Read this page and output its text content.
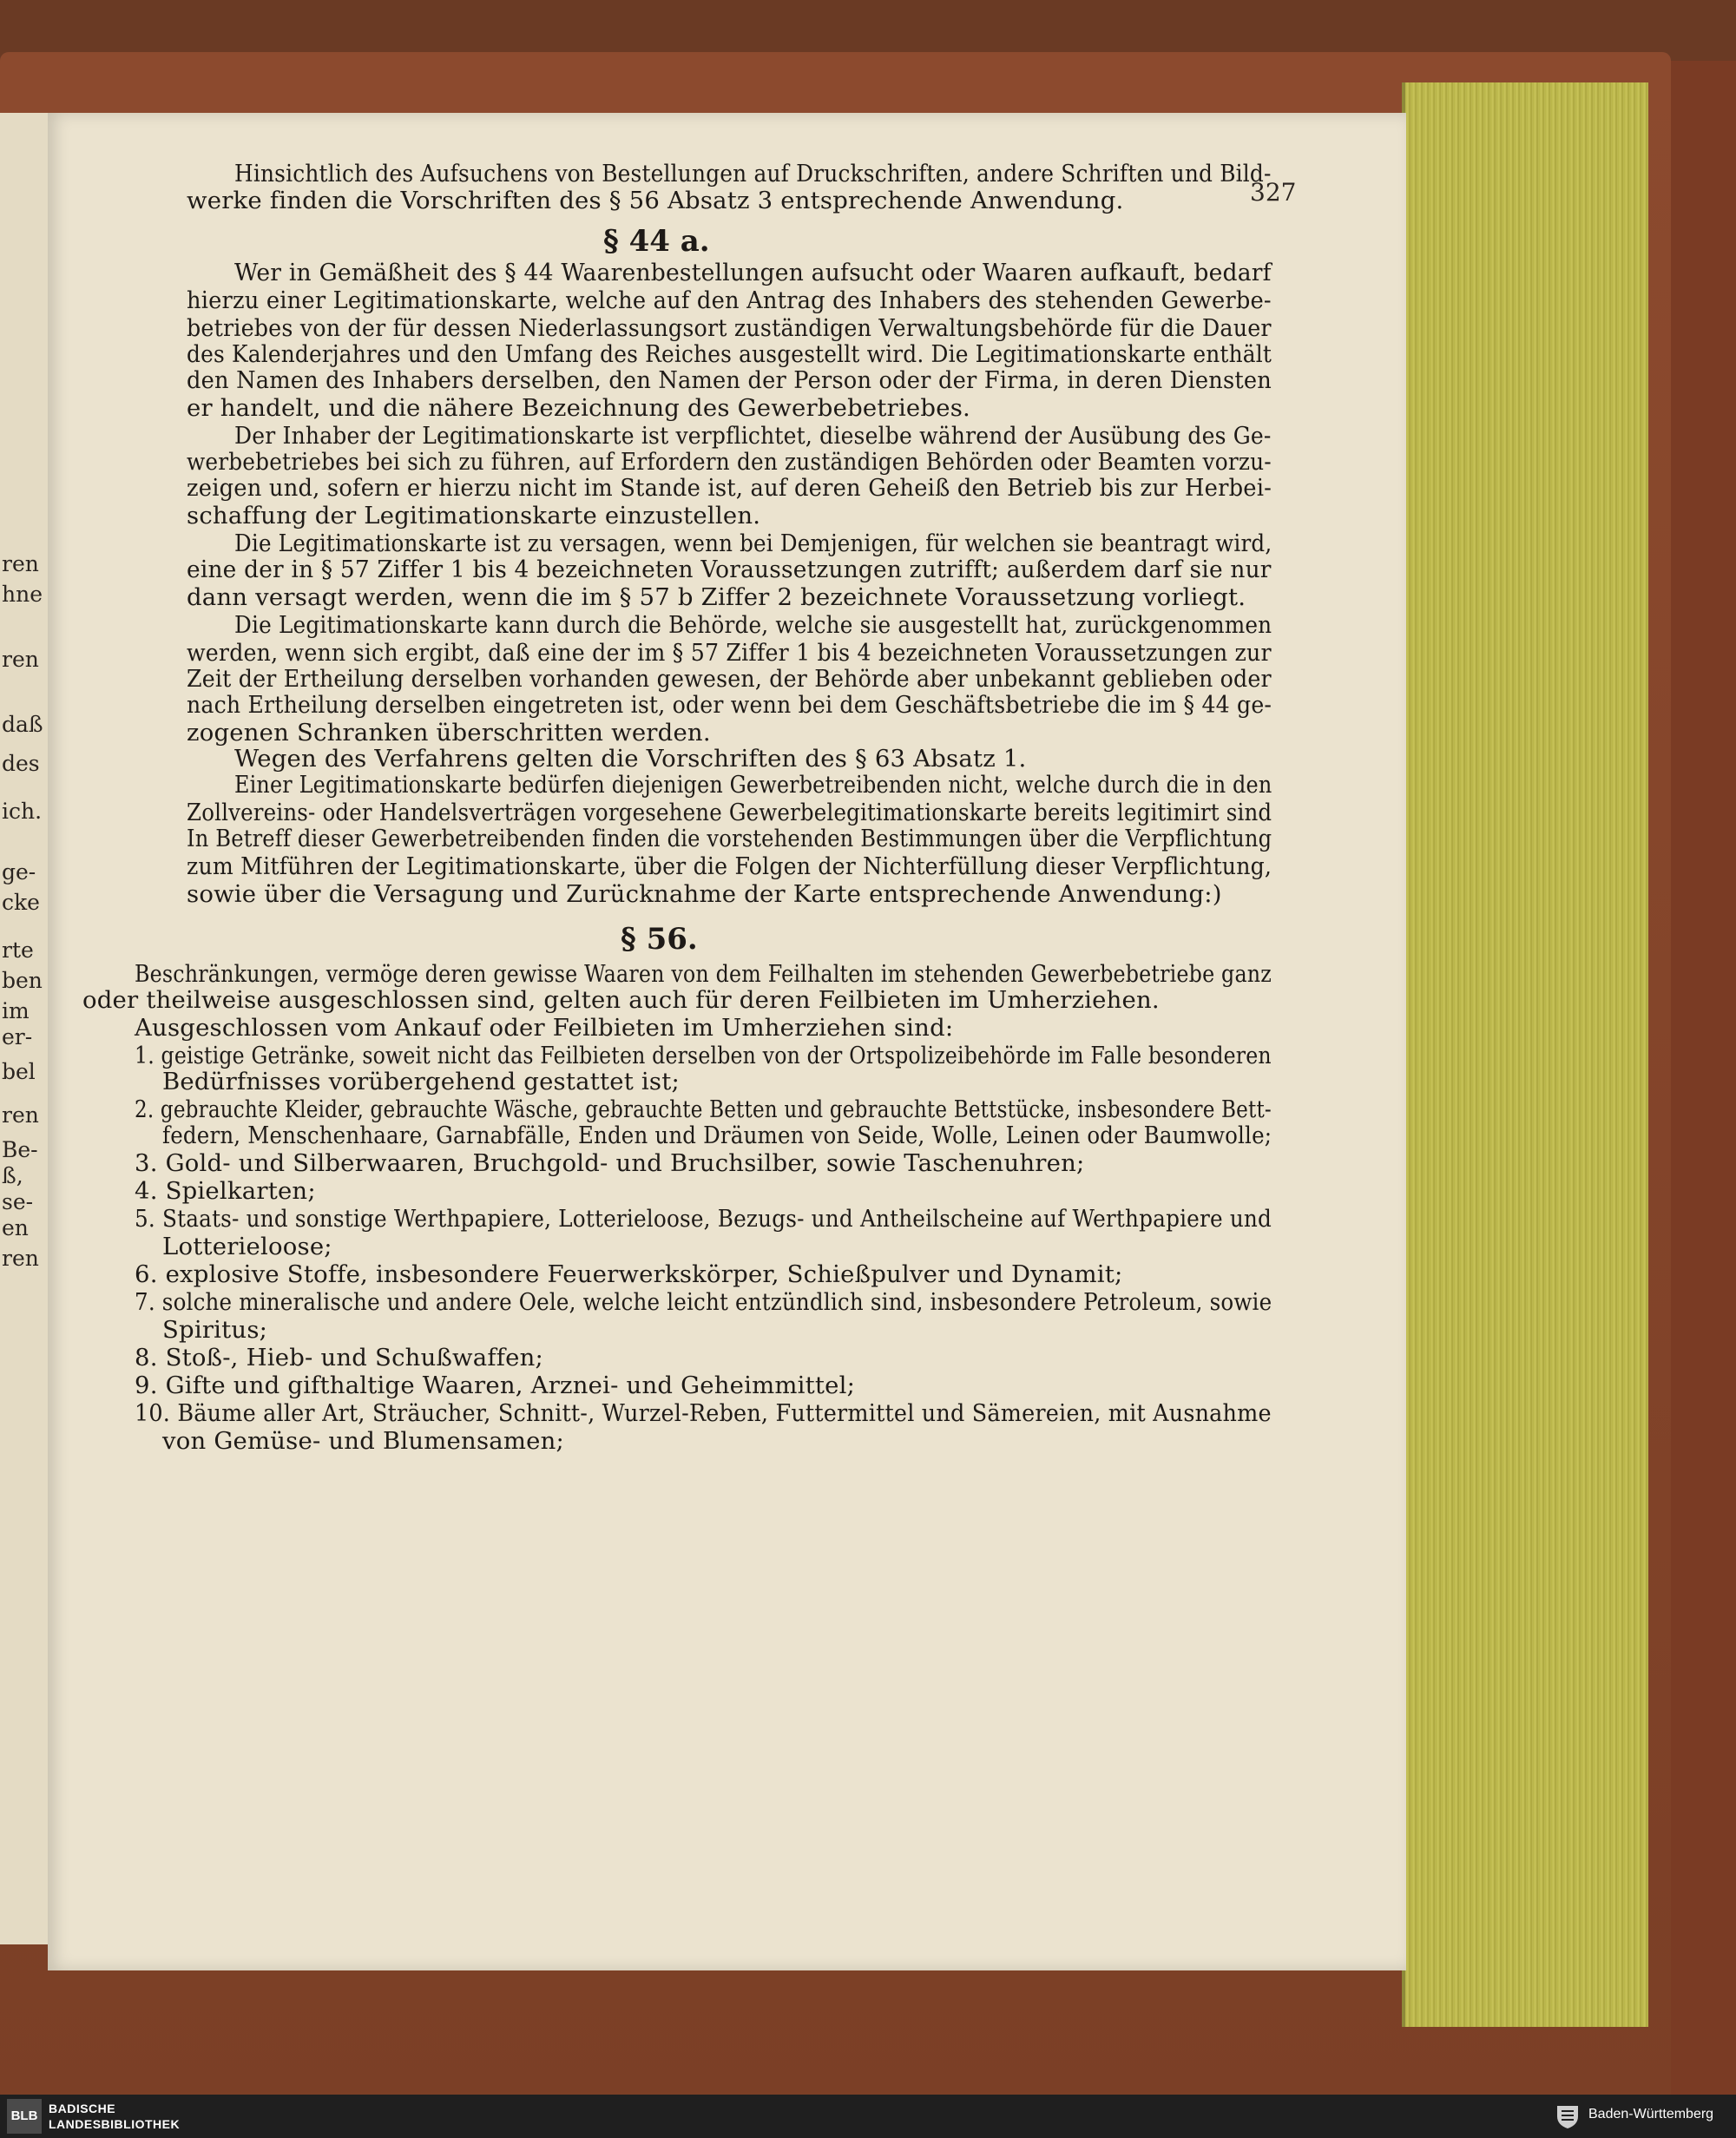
ren
hne
ren
daß
des
ich.
ge-
cke
rte
ben
im
er-
bel
ren
Be-
ß,
se-
en
ren
327
Hinsichtlich des Aufsuchens von Bestellungen auf Druckschriften, andere Schriften und Bild-
werke finden die Vorschriften des § 56 Absatz 3 entsprechende Anwendung.
§ 44 a.
Wer in Gemäßheit des § 44 Waarenbestellungen aufsucht oder Waaren aufkauft, bedarf
hierzu einer Legitimationskarte, welche auf den Antrag des Inhabers des stehenden Gewerbe-
betriebes von der für dessen Niederlassungsort zuständigen Verwaltungsbehörde für die Dauer
des Kalenderjahres und den Umfang des Reiches ausgestellt wird. Die Legitimationskarte enthält
den Namen des Inhabers derselben, den Namen der Person oder der Firma, in deren Diensten
er handelt, und die nähere Bezeichnung des Gewerbebetriebes.
Der Inhaber der Legitimationskarte ist verpflichtet, dieselbe während der Ausübung des Ge-
werbebetriebes bei sich zu führen, auf Erfordern den zuständigen Behörden oder Beamten vorzu-
zeigen und, sofern er hierzu nicht im Stande ist, auf deren Geheiß den Betrieb bis zur Herbei-
schaffung der Legitimationskarte einzustellen.
Die Legitimationskarte ist zu versagen, wenn bei Demjenigen, für welchen sie beantragt wird,
eine der in § 57 Ziffer 1 bis 4 bezeichneten Voraussetzungen zutrifft; außerdem darf sie nur
dann versagt werden, wenn die im § 57 b Ziffer 2 bezeichnete Voraussetzung vorliegt.
Die Legitimationskarte kann durch die Behörde, welche sie ausgestellt hat, zurückgenommen
werden, wenn sich ergibt, daß eine der im § 57 Ziffer 1 bis 4 bezeichneten Voraussetzungen zur
Zeit der Ertheilung derselben vorhanden gewesen, der Behörde aber unbekannt geblieben oder
nach Ertheilung derselben eingetreten ist, oder wenn bei dem Geschäftsbetriebe die im § 44 ge-
zogenen Schranken überschritten werden.
Wegen des Verfahrens gelten die Vorschriften des § 63 Absatz 1.
Einer Legitimationskarte bedürfen diejenigen Gewerbetreibenden nicht, welche durch die in den
Zollvereins- oder Handelsverträgen vorgesehene Gewerbelegitimationskarte bereits legitimirt sind
In Betreff dieser Gewerbetreibenden finden die vorstehenden Bestimmungen über die Verpflichtung
zum Mitführen der Legitimationskarte, über die Folgen der Nichterfüllung dieser Verpflichtung,
sowie über die Versagung und Zurücknahme der Karte entsprechende Anwendung:)
§ 56.
Beschränkungen, vermöge deren gewisse Waaren von dem Feilhalten im stehenden Gewerbebetriebe ganz
oder theilweise ausgeschlossen sind, gelten auch für deren Feilbieten im Umherziehen.
Ausgeschlossen vom Ankauf oder Feilbieten im Umherziehen sind:
1. geistige Getränke, soweit nicht das Feilbieten derselben von der Ortspolizeibehörde im Falle besonderen
Bedürfnisses vorübergehend gestattet ist;
2. gebrauchte Kleider, gebrauchte Wäsche, gebrauchte Betten und gebrauchte Bettstücke, insbesondere Bett-
federn, Menschenhaare, Garnabfälle, Enden und Dräumen von Seide, Wolle, Leinen oder Baumwolle;
3. Gold- und Silberwaaren, Bruchgold- und Bruchsilber, sowie Taschenuhren;
4. Spielkarten;
5. Staats- und sonstige Werthpapiere, Lotterieloose, Bezugs- und Antheilscheine auf Werthpapiere und
Lotterieloose;
6. explosive Stoffe, insbesondere Feuerwerkskörper, Schießpulver und Dynamit;
7. solche mineralische und andere Oele, welche leicht entzündlich sind, insbesondere Petroleum, sowie
Spiritus;
8. Stoß-, Hieb- und Schußwaffen;
9. Gifte und gifthaltige Waaren, Arznei- und Geheimmittel;
10. Bäume aller Art, Sträucher, Schnitt-, Wurzel-Reben, Futtermittel und Sämereien, mit Ausnahme
von Gemüse- und Blumensamen;
BLB BADISCHE
LANDESBIBLIOTHEK
Baden-Württemberg
